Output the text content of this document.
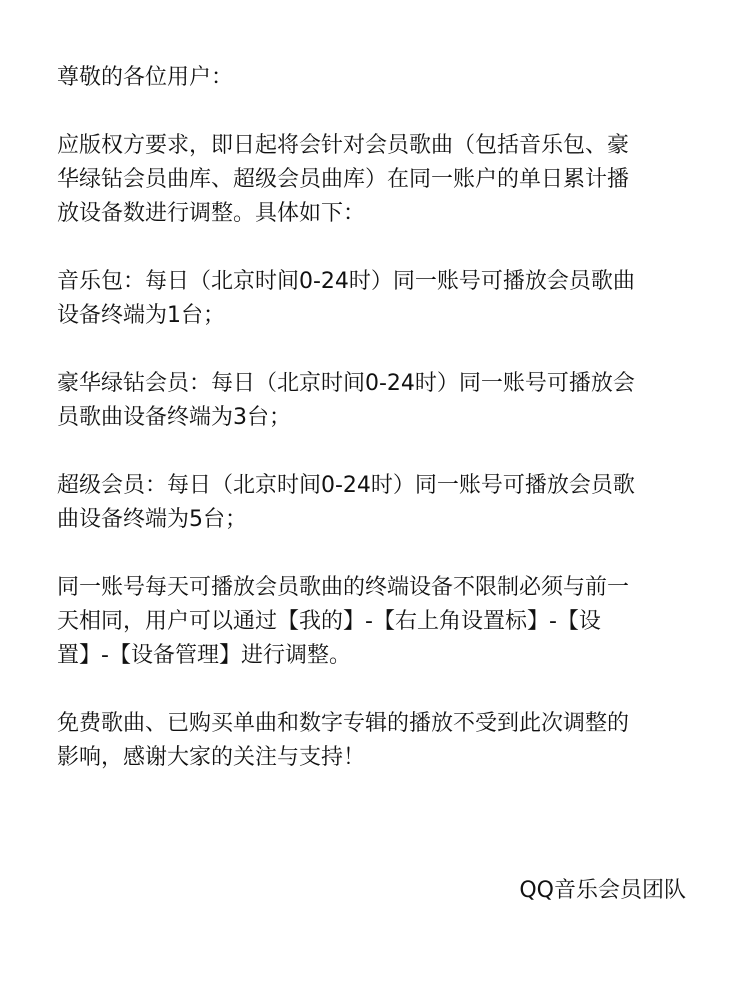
尊敬的各位用户：

应版权方要求，即日起将会针对会员歌曲（包括音乐包、豪

华绿钻会员曲库、超级会员曲库）在同一账户的单日累计播

放设备数进行调整。具体如下：

音乐包：每日（北京时间0-24时）同一账号可播放会员歌曲

设备终端为1台；

豪华绿钻会员：每日（北京时间0-24时）同一账号可播放会

员歌曲设备终端为3台；

超级会员：每日（北京时间0-24时）同一账号可播放会员歌

曲设备终端为5台；

同一账号每天可播放会员歌曲的终端设备不限制必须与前一

天相同，用户可以通过【我的】-【右上角设置标】-【设

置】-【设备管理】进行调整。

免费歌曲、已购买单曲和数字专辑的播放不受到此次调整的

影响，感谢大家的关注与支持！

QQ音乐会员团队
